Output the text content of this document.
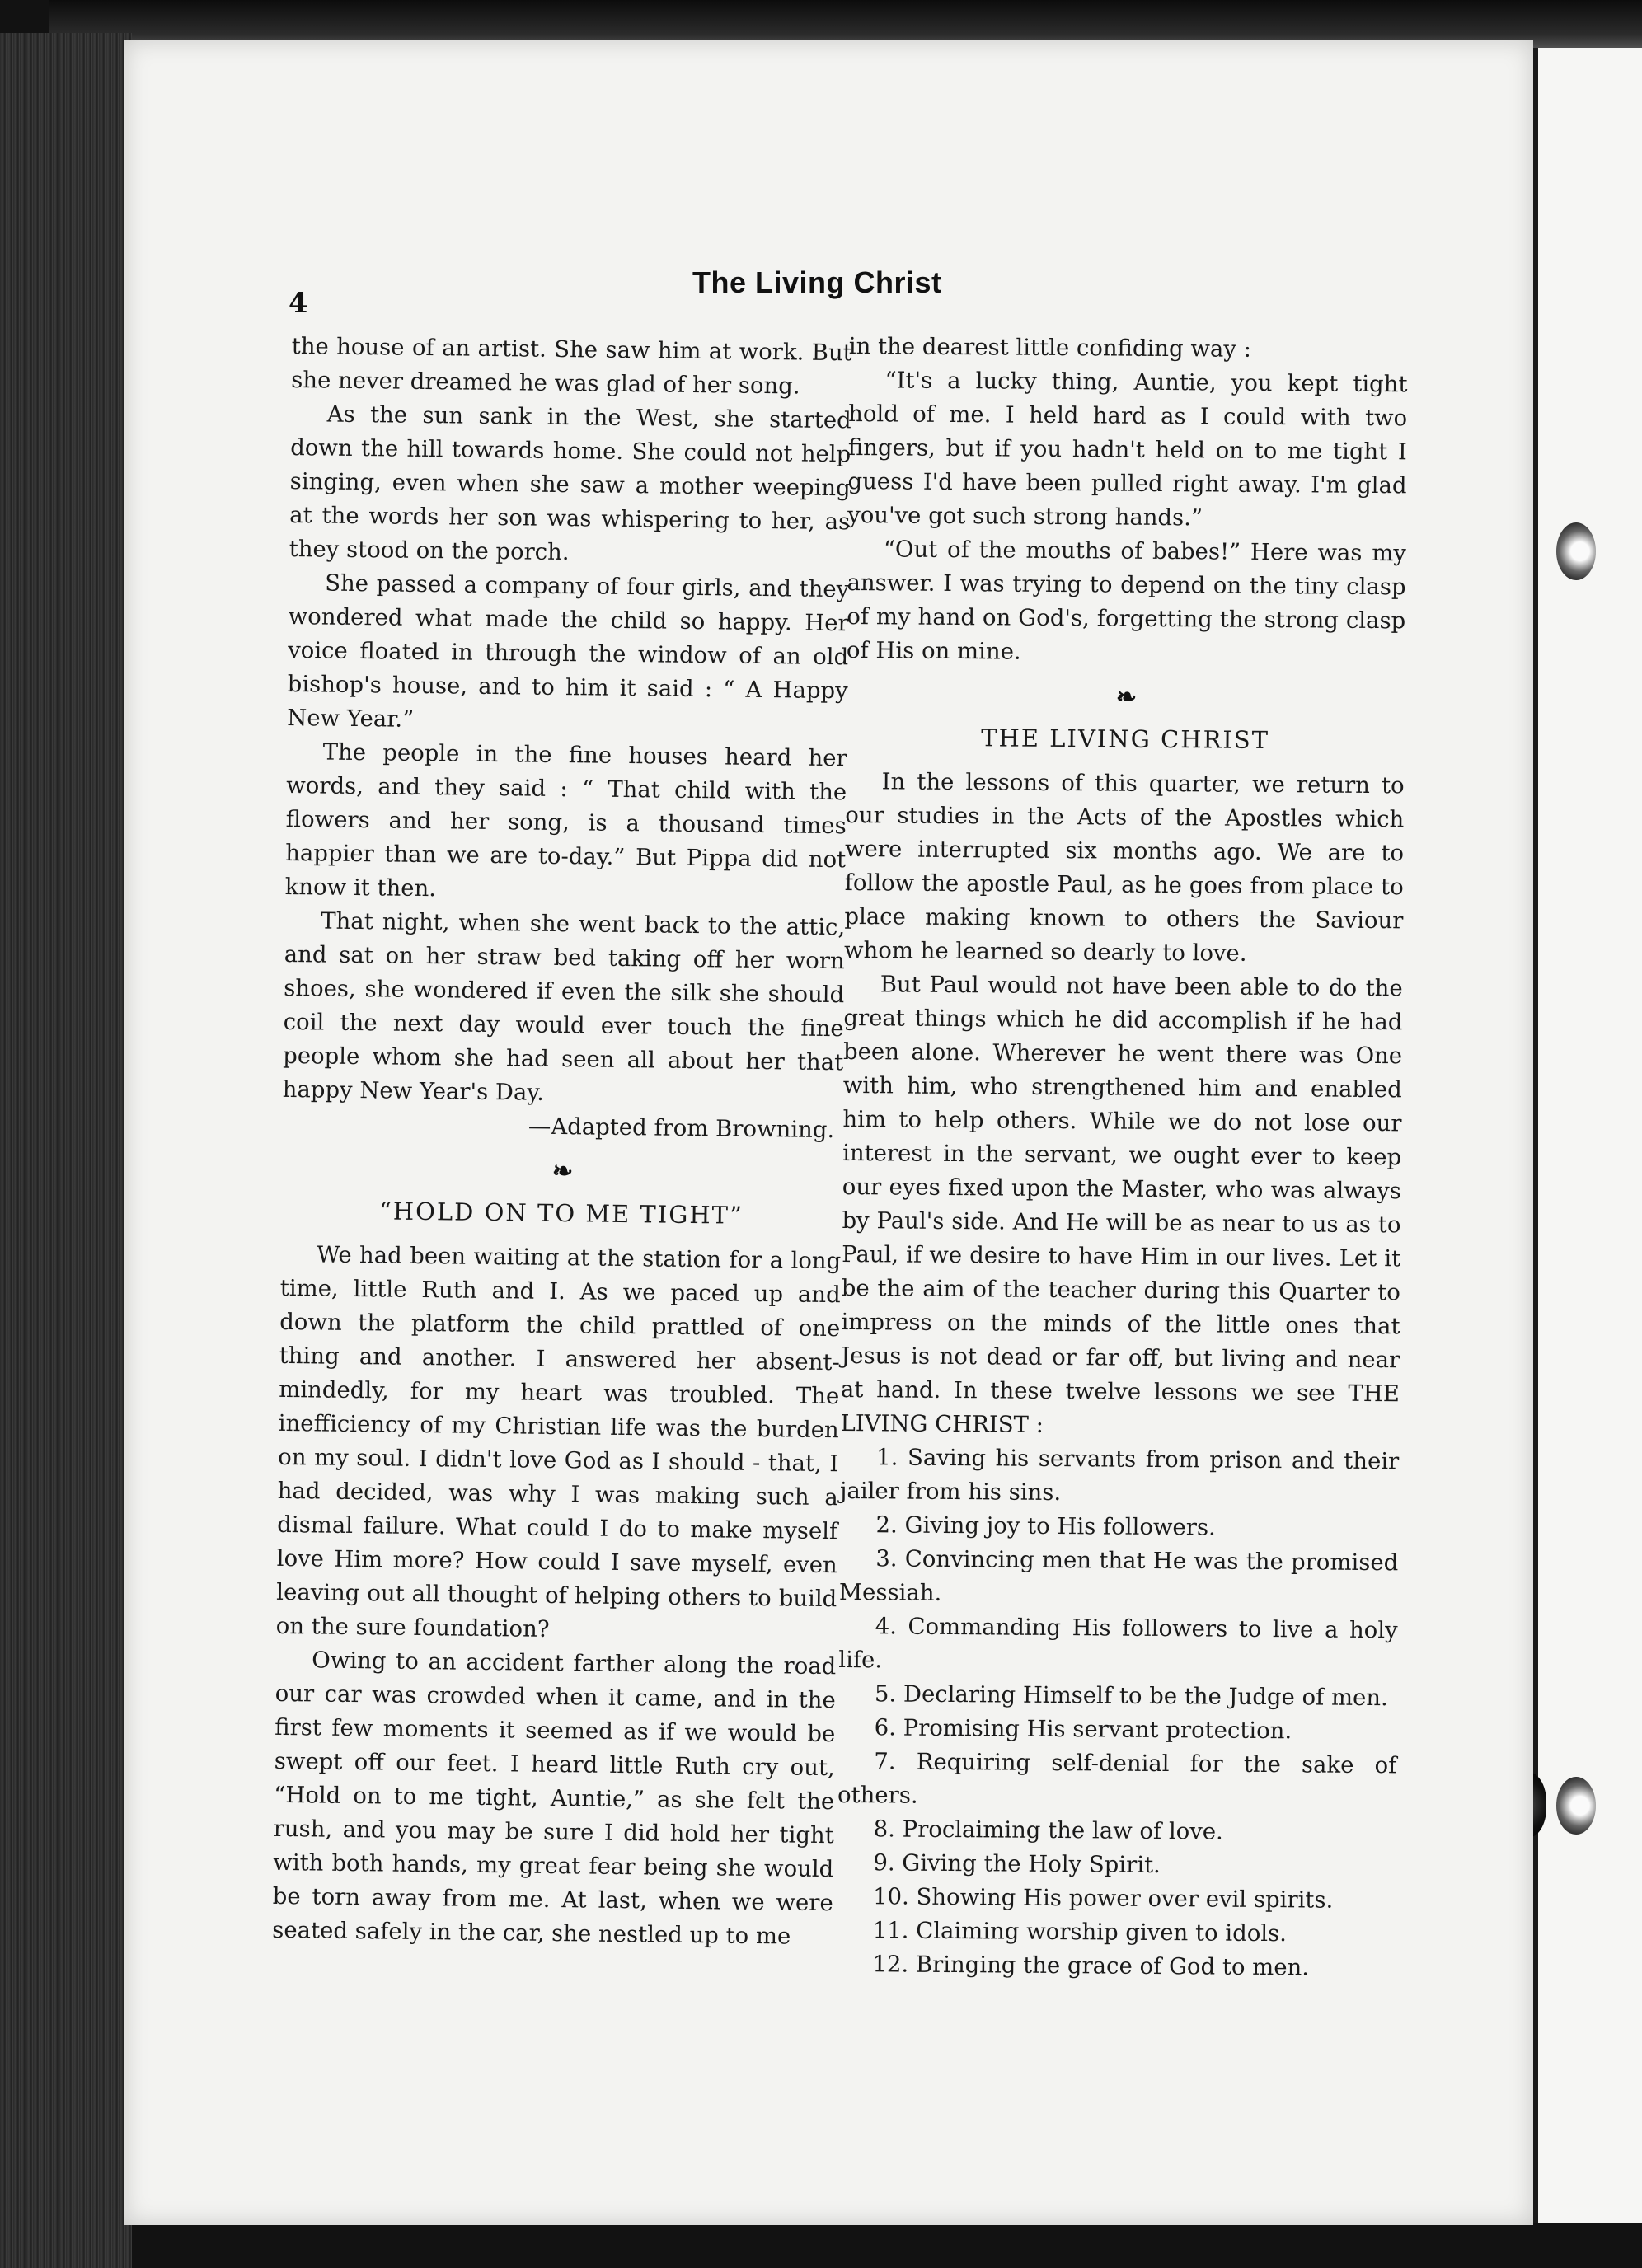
4
The Living Christ

the house of an artist. She saw him at work. But she never dreamed he was glad of her song.

As the sun sank in the West, she started down the hill towards home. She could not help singing, even when she saw a mother weeping at the words her son was whispering to her, as they stood on the porch.

She passed a company of four girls, and they wondered what made the child so happy. Her voice floated in through the window of an old bishop's house, and to him it said : “ A Happy New Year.”

The people in the fine houses heard her words, and they said : “ That child with the flowers and her song, is a thousand times happier than we are to-day.” But Pippa did not know it then.

That night, when she went back to the attic, and sat on her straw bed taking off her worn shoes, she wondered if even the silk she should coil the next day would ever touch the fine people whom she had seen all about her that happy New Year's Day.

—Adapted from Browning.
❧
“HOLD ON TO ME TIGHT”

We had been waiting at the station for a long time, little Ruth and I. As we paced up and down the platform the child prattled of one thing and another. I answered her absent-mindedly, for my heart was troubled. The inefficiency of my Christian life was the burden on my soul. I didn't love God as I should - that, I had decided, was why I was making such a dismal failure. What could I do to make myself love Him more? How could I save myself, even leaving out all thought of helping others to build on the sure foundation?

Owing to an accident farther along the road our car was crowded when it came, and in the first few moments it seemed as if we would be swept off our feet. I heard little Ruth cry out, “Hold on to me tight, Auntie,” as she felt the rush, and you may be sure I did hold her tight with both hands, my great fear being she would be torn away from me. At last, when we were seated safely in the car, she nestled up to me

in the dearest little confiding way :

“It's a lucky thing, Auntie, you kept tight hold of me. I held hard as I could with two fingers, but if you hadn't held on to me tight I guess I'd have been pulled right away. I'm glad you've got such strong hands.”

“Out of the mouths of babes!” Here was my answer. I was trying to depend on the tiny clasp of my hand on God's, forgetting the strong clasp of His on mine.

❧
THE LIVING CHRIST

In the lessons of this quarter, we return to our studies in the Acts of the Apostles which were interrupted six months ago. We are to follow the apostle Paul, as he goes from place to place making known to others the Saviour whom he learned so dearly to love.

But Paul would not have been able to do the great things which he did accomplish if he had been alone. Wherever he went there was One with him, who strengthened him and enabled him to help others. While we do not lose our interest in the servant, we ought ever to keep our eyes fixed upon the Master, who was always by Paul's side. And He will be as near to us as to Paul, if we desire to have Him in our lives. Let it be the aim of the teacher during this Quarter to impress on the minds of the little ones that Jesus is not dead or far off, but living and near at hand. In these twelve lessons we see THE LIVING CHRIST :

1. Saving his servants from prison and their jailer from his sins.

2. Giving joy to His followers.

3. Convincing men that He was the promised Messiah.

4. Commanding His followers to live a holy life.

5. Declaring Himself to be the Judge of men.

6. Promising His servant protection.

7. Requiring self-denial for the sake of others.

8. Proclaiming the law of love.

9. Giving the Holy Spirit.

10. Showing His power over evil spirits.

11. Claiming worship given to idols.

12. Bringing the grace of God to men.
